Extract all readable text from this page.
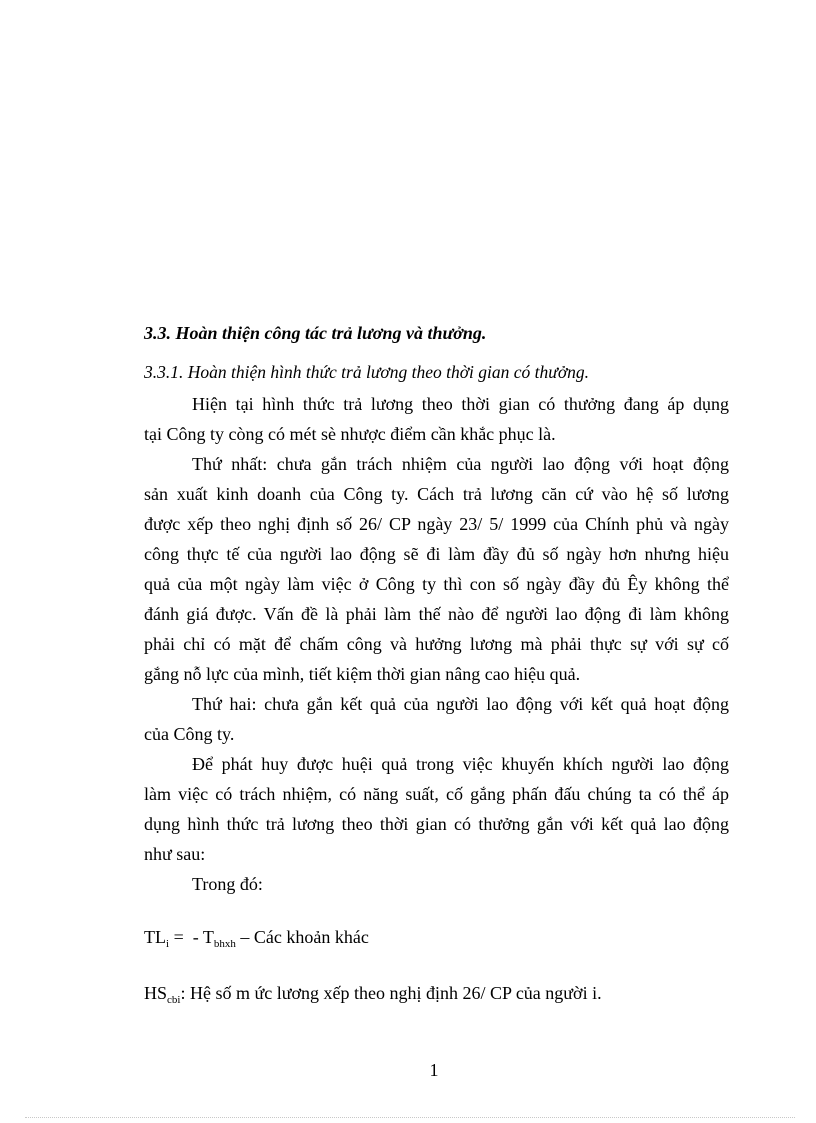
3.3. Hoàn thiện công tác trả lương và thưởng.
3.3.1. Hoàn thiện hình thức trả lương theo thời gian có thưởng.
Hiện tại hình thức trả lương theo thời gian có thưởng đang áp dụng
tại Công ty còng có mét sè nhược điểm cần khắc phục là.
Thứ nhất: chưa gắn trách nhiệm của người lao động với hoạt động
sản xuất kinh doanh của Công ty. Cách trả lương căn cứ vào hệ số lương
được xếp theo nghị định số 26/ CP ngày 23/ 5/ 1999 của Chính phủ và ngày
công thực tế của người lao động sẽ đi làm đầy đủ số ngày hơn nhưng hiệu
quả của một ngày làm việc ở Công ty thì con số ngày đầy đủ Êy không thể
đánh giá được. Vấn đề là phải làm thế nào để người lao động đi làm không
phải chỉ có mặt để chấm công và hưởng lương mà phải thực sự với sự cố
gắng nỗ lực của mình, tiết kiệm thời gian nâng cao hiệu quả.
Thứ hai: chưa gắn kết quả của người lao động với kết quả hoạt động
của Công ty.
Để phát huy được huệi quả trong việc khuyến khích người lao động
làm việc có trách nhiệm, có năng suất, cố gắng phấn đấu chúng ta có thể áp
dụng hình thức trả lương theo thời gian có thưởng gắn với kết quả lao động
như sau:
Trong đó:
$TL_i$ =  - $T_{bhxh}$ – Các khoản khác
$HS_{cbi}$: Hệ số m ức lương xếp theo nghị định 26/ CP của người i.
1
